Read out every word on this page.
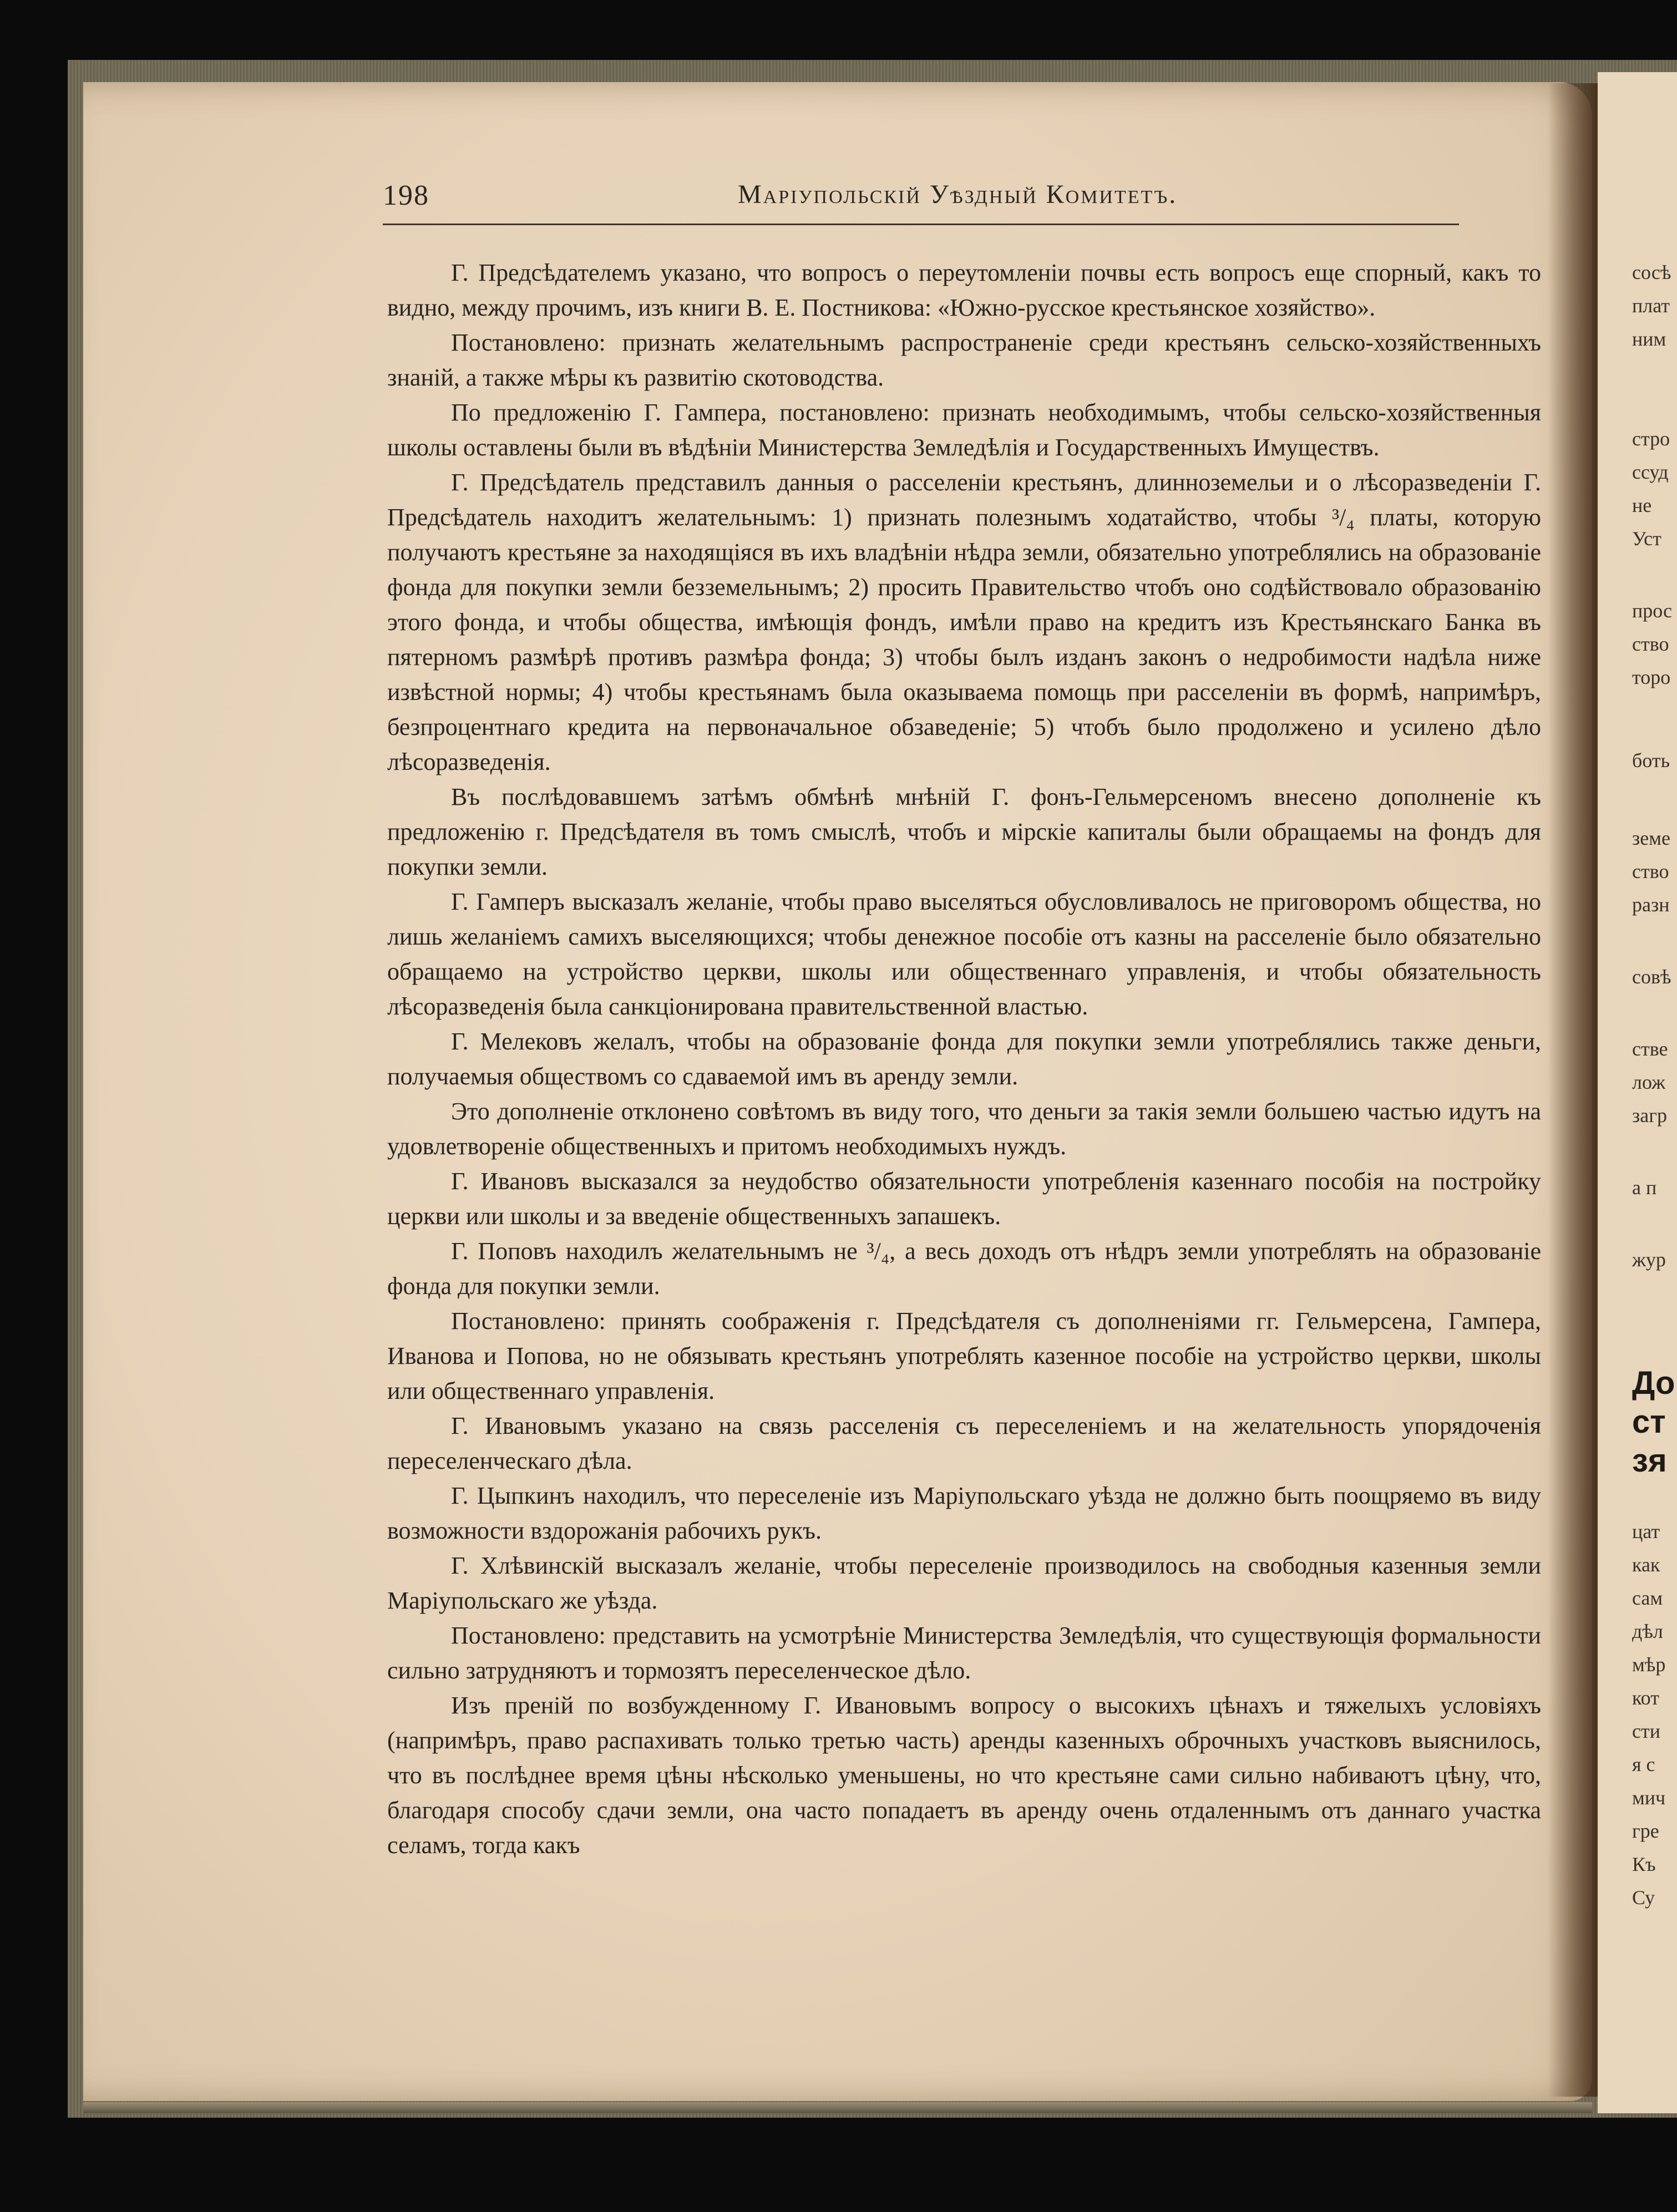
198	Маріупольскій Уѣздный Комитетъ.

Г. Предсѣдателемъ указано, что вопросъ о переутомленіи почвы есть вопросъ еще спорный, какъ то видно, между прочимъ, изъ книги В. Е. Постникова: «Южно-русское крестьянское хозяйство».

Постановлено: признать желательнымъ распространеніе среди крестьянъ сельско-хозяйственныхъ знаній, а также мѣры къ развитію скотоводства.

По предложенію Г. Гампера, постановлено: признать необходимымъ, чтобы сельско-хозяйственныя школы оставлены были въ вѣдѣніи Министерства Земледѣлія и Государственныхъ Имуществъ.

Г. Предсѣдатель представилъ данныя о расселеніи крестьянъ, длинноземельи и о лѣсоразведеніи Г. Предсѣдатель находитъ желательнымъ: 1) признать полезнымъ ходатайство, чтобы ³/₄ платы, которую получаютъ крестьяне за находящіяся въ ихъ владѣніи нѣдра земли, обязательно употреблялись на образованіе фонда для покупки земли безземельнымъ; 2) просить Правительство чтобъ оно содѣйствовало образованію этого фонда, и чтобы общества, имѣющія фондъ, имѣли право на кредитъ изъ Крестьянскаго Банка въ пятерномъ размѣрѣ противъ размѣра фонда; 3) чтобы былъ изданъ законъ о недробимости надѣла ниже извѣстной нормы; 4) чтобы крестьянамъ была оказываема помощь при расселеніи въ формѣ, напримѣръ, безпроцентнаго кредита на первоначальное обзаведеніе; 5) чтобъ было продолжено и усилено дѣло лѣсоразведенія.

Въ послѣдовавшемъ затѣмъ обмѣнѣ мнѣній Г. фонъ-Гельмерсеномъ внесено дополненіе къ предложенію г. Предсѣдателя въ томъ смыслѣ, чтобъ и мірскіе капиталы были обращаемы на фондъ для покупки земли.

Г. Гамперъ высказалъ желаніе, чтобы право выселяться обусловливалось не приговоромъ общества, но лишь желаніемъ самихъ выселяющихся; чтобы денежное пособіе отъ казны на расселеніе было обязательно обращаемо на устройство церкви, школы или общественнаго управленія, и чтобы обязательность лѣсоразведенія была санкціонирована правительственной властью.

Г. Мелековъ желалъ, чтобы на образованіе фонда для покупки земли употреблялись также деньги, получаемыя обществомъ со сдаваемой имъ въ аренду земли.

Это дополненіе отклонено совѣтомъ въ виду того, что деньги за такія земли большею частью идутъ на удовлетвореніе общественныхъ и притомъ необходимыхъ нуждъ.

Г. Ивановъ высказался за неудобство обязательности употребленія казеннаго пособія на постройку церкви или школы и за введеніе общественныхъ запашекъ.

Г. Поповъ находилъ желательнымъ не ³/₄, а весь доходъ отъ нѣдръ земли употреблять на образованіе фонда для покупки земли.

Постановлено: принять соображенія г. Предсѣдателя съ дополненіями гг. Гельмерсена, Гампера, Иванова и Попова, но не обязывать крестьянъ употреблять казенное пособіе на устройство церкви, школы или общественнаго управленія.

Г. Ивановымъ указано на связь расселенія съ переселеніемъ и на желательность упорядоченія переселенческаго дѣла.

Г. Цыпкинъ находилъ, что переселеніе изъ Маріупольскаго уѣзда не должно быть поощряемо въ виду возможности вздорожанія рабочихъ рукъ.

Г. Хлѣвинскій высказалъ желаніе, чтобы переселеніе производилось на свободныя казенныя земли Маріупольскаго же уѣзда.

Постановлено: представить на усмотрѣніе Министерства Земледѣлія, что существующія формальности сильно затрудняютъ и тормозятъ переселенческое дѣло.

Изъ преній по возбужденному Г. Ивановымъ вопросу о высокихъ цѣнахъ и тяжелыхъ условіяхъ (напримѣръ, право распахивать только третью часть) аренды казенныхъ оброчныхъ участковъ выяснилось, что въ послѣднее время цѣны нѣсколько уменьшены, но что крестьяне сами сильно набиваютъ цѣну, что, благодаря способу сдачи земли, она часто попадаетъ въ аренду очень отдаленнымъ отъ даннаго участка селамъ, тогда какъ

сосѣ
плат
ним
стро
ссуд
не
Уст
прос
ство
торо
боть
земе
ство
разн
совѣ
стве
лож
загр
а п
жур
До
ст
зя
цат
как
сам
дѣл
мѣр
кот
сти
я с
мич
гре
Къ
Су
